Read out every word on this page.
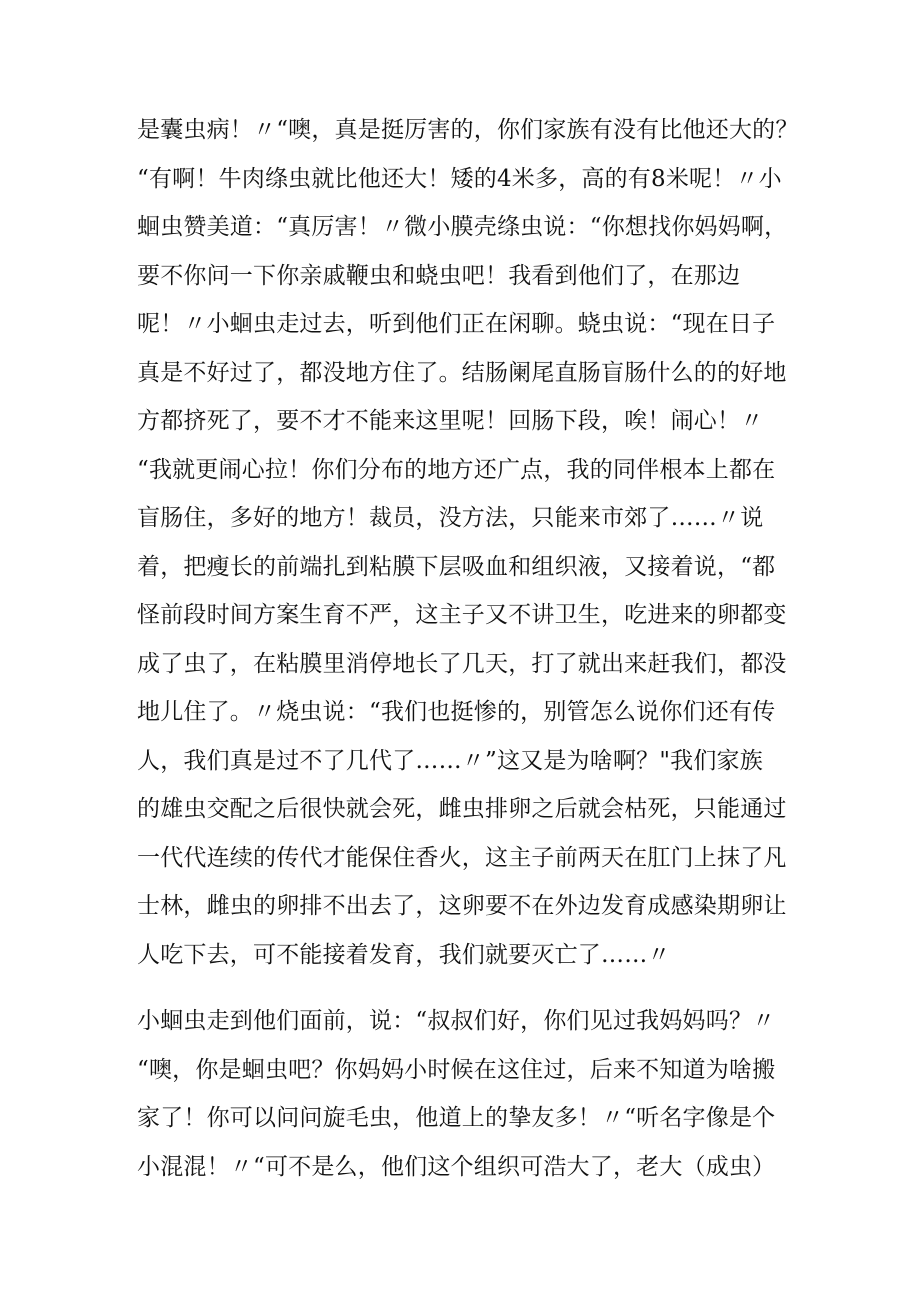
是囊虫病！〃“噢，真是挺厉害的，你们家族有没有比他还大的？
“有啊！牛肉绦虫就比他还大！矮的4米多，高的有8米呢！〃小
蛔虫赞美道：“真厉害！〃微小膜壳绦虫说：“你想找你妈妈啊，
要不你问一下你亲戚鞭虫和蛲虫吧！我看到他们了，在那边
呢！〃小蛔虫走过去，听到他们正在闲聊。蛲虫说：“现在日子
真是不好过了，都没地方住了。结肠阑尾直肠盲肠什么的的好地
方都挤死了，要不才不能来这里呢！回肠下段，唉！闹心！〃
“我就更闹心拉！你们分布的地方还广点，我的同伴根本上都在
盲肠住，多好的地方！裁员，没方法，只能来市郊了……〃说
着，把瘦长的前端扎到粘膜下层吸血和组织液，又接着说，“都
怪前段时间方案生育不严，这主子又不讲卫生，吃进来的卵都变
成了虫了，在粘膜里消停地长了几天，打了就出来赶我们，都没
地儿住了。〃烧虫说：“我们也挺惨的，别管怎么说你们还有传
人，我们真是过不了几代了……〃”这又是为啥啊？"我们家族
的雄虫交配之后很快就会死，雌虫排卵之后就会枯死，只能通过
一代代连续的传代才能保住香火，这主子前两天在肛门上抹了凡
士林，雌虫的卵排不出去了，这卵要不在外边发育成感染期卵让
人吃下去，可不能接着发育，我们就要灭亡了……〃
小蛔虫走到他们面前，说：“叔叔们好，你们见过我妈妈吗？〃
“噢，你是蛔虫吧？你妈妈小时候在这住过，后来不知道为啥搬
家了！你可以问问旋毛虫，他道上的挚友多！〃“听名字像是个
小混混！〃“可不是么，他们这个组织可浩大了，老大（成虫）
